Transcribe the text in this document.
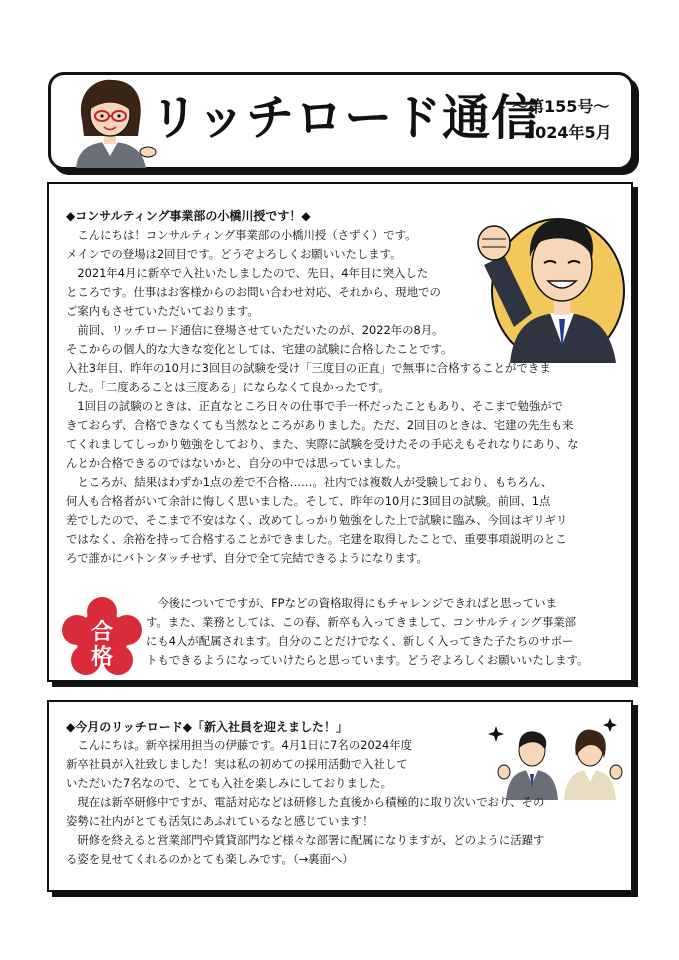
リッチロード通信
～第155号～
2024年5月
◆コンサルティング事業部の小橋川授です！◆

　こんにちは！コンサルティング事業部の小橋川授（さずく）です。

メインでの登場は2回目です。どうぞよろしくお願いいたします。

　2021年4月に新卒で入社いたしましたので、先日、4年目に突入した

ところです。仕事はお客様からのお問い合わせ対応、それから、現地での

ご案内もさせていただいております。

　前回、リッチロード通信に登場させていただいたのが、2022年の8月。

そこからの個人的な大きな変化としては、宅建の試験に合格したことです。

入社3年目、昨年の10月に3回目の試験を受け「三度目の正直」で無事に合格することができま

した。「二度あることは三度ある」にならなくて良かったです。

　1回目の試験のときは、正直なところ日々の仕事で手一杯だったこともあり、そこまで勉強がで

きておらず、合格できなくても当然なところがありました。ただ、2回目のときは、宅建の先生も来

てくれましてしっかり勉強をしており、また、実際に試験を受けたその手応えもそれなりにあり、な

んとか合格できるのではないかと、自分の中では思っていました。

　ところが、結果はわずか1点の差で不合格……。社内では複数人が受験しており、もちろん、

何人も合格者がいて余計に悔しく思いました。そして、昨年の10月に3回目の試験。前回、1点

差でしたので、そこまで不安はなく、改めてしっかり勉強をした上で試験に臨み、今回はギリギリ

ではなく、余裕を持って合格することができました。宅建を取得したことで、重要事項説明のとこ

ろで誰かにバトンタッチせず、自分で全て完結できるようになります。

合
格

　今後についてですが、FPなどの資格取得にもチャレンジできればと思っていま

す。また、業務としては、この春、新卒も入ってきまして、コンサルティング事業部

にも4人が配属されます。自分のことだけでなく、新しく入ってきた子たちのサポー

トもできるようになっていけたらと思っています。どうぞよろしくお願いいたします。

◆今月のリッチロード◆「新入社員を迎えました！」

　こんにちは。新卒採用担当の伊藤です。4月1日に7名の2024年度

新卒社員が入社致しました！実は私の初めての採用活動で入社して

いただいた7名なので、とても入社を楽しみにしておりました。

　現在は新卒研修中ですが、電話対応などは研修した直後から積極的に取り次いでおり、その

姿勢に社内がとても活気にあふれているなと感じています！

　研修を終えると営業部門や賃貸部門など様々な部署に配属になりますが、どのように活躍す

る姿を見せてくれるのかとても楽しみです。（→裏面へ）
